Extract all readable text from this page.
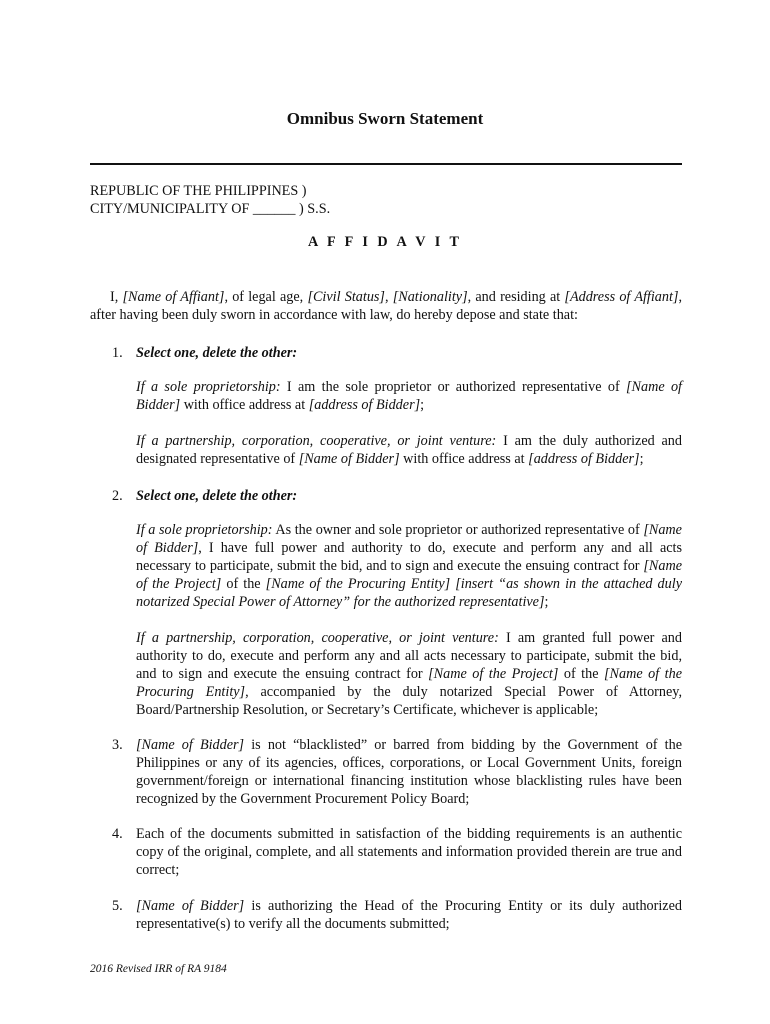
Omnibus Sworn Statement
REPUBLIC OF THE PHILIPPINES )
CITY/MUNICIPALITY OF ______ ) S.S.
A F F I D A V I T
I, [Name of Affiant], of legal age, [Civil Status], [Nationality], and residing at [Address of Affiant], after having been duly sworn in accordance with law, do hereby depose and state that:
1. Select one, delete the other:
If a sole proprietorship: I am the sole proprietor or authorized representative of [Name of Bidder] with office address at [address of Bidder];
If a partnership, corporation, cooperative, or joint venture: I am the duly authorized and designated representative of [Name of Bidder] with office address at [address of Bidder];
2. Select one, delete the other:
If a sole proprietorship: As the owner and sole proprietor or authorized representative of [Name of Bidder], I have full power and authority to do, execute and perform any and all acts necessary to participate, submit the bid, and to sign and execute the ensuing contract for [Name of the Project] of the [Name of the Procuring Entity] [insert “as shown in the attached duly notarized Special Power of Attorney” for the authorized representative];
If a partnership, corporation, cooperative, or joint venture: I am granted full power and authority to do, execute and perform any and all acts necessary to participate, submit the bid, and to sign and execute the ensuing contract for [Name of the Project] of the [Name of the Procuring Entity], accompanied by the duly notarized Special Power of Attorney, Board/Partnership Resolution, or Secretary’s Certificate, whichever is applicable;
3. [Name of Bidder] is not “blacklisted” or barred from bidding by the Government of the Philippines or any of its agencies, offices, corporations, or Local Government Units, foreign government/foreign or international financing institution whose blacklisting rules have been recognized by the Government Procurement Policy Board;
4. Each of the documents submitted in satisfaction of the bidding requirements is an authentic copy of the original, complete, and all statements and information provided therein are true and correct;
5. [Name of Bidder] is authorizing the Head of the Procuring Entity or its duly authorized representative(s) to verify all the documents submitted;
2016 Revised IRR of RA 9184
